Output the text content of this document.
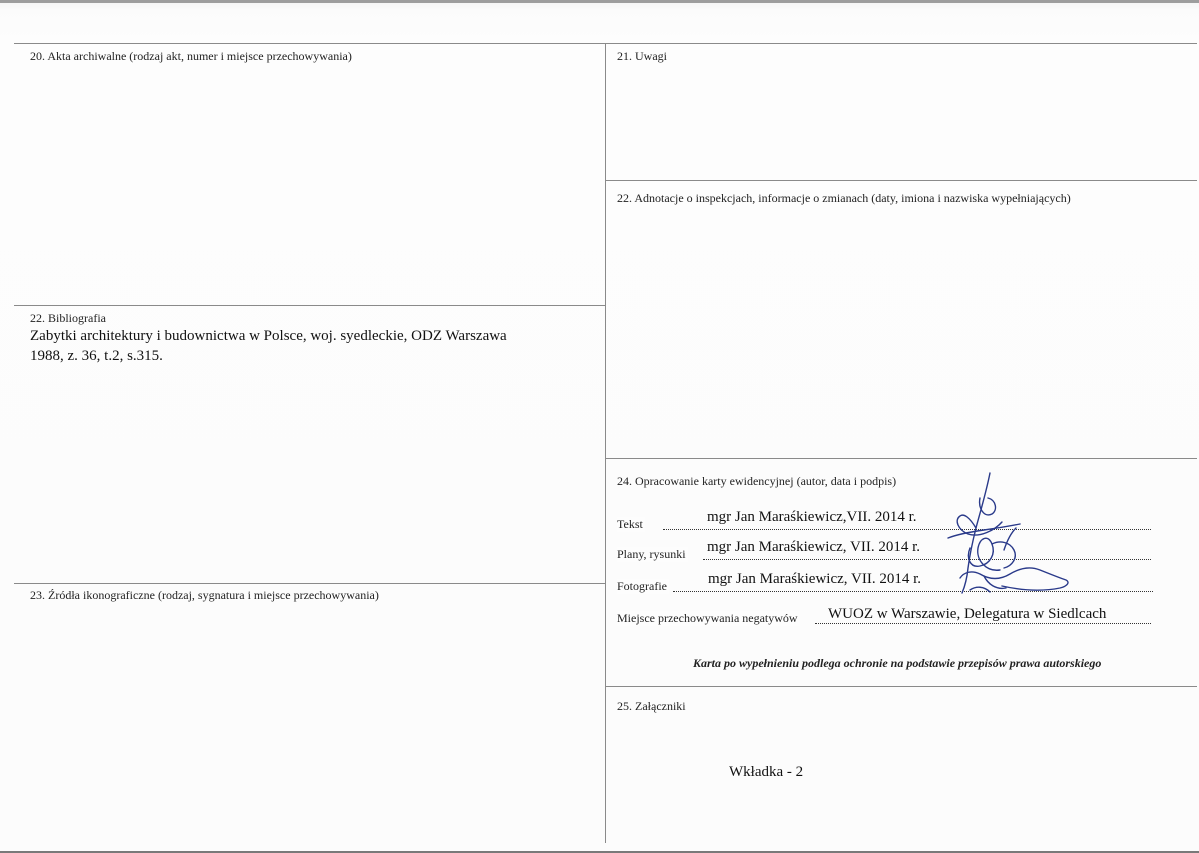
20. Akta archiwalne (rodzaj akt, numer i miejsce przechowywania)	21. Uwagi
22. Adnotacje o inspekcjach, informacje o zmianach (daty, imiona i nazwiska wypełniających)
22. Bibliografia
Zabytki architektury i budownictwa w Polsce, woj. syedleckie, ODZ Warszawa
1988, z. 36, t.2, s.315.
23. Źródła ikonograficzne (rodzaj, sygnatura i miejsce przechowywania)
24. Opracowanie karty ewidencyjnej (autor, data i podpis)
Tekst	mgr Jan Maraśkiewicz,VII. 2014 r.
Plany, rysunki mgr Jan Maraśkiewicz, VII. 2014 r.
Fotografie	mgr Jan Maraśkiewicz, VII. 2014 r.
Miejsce przechowywania negatywów WUOZ w Warszawie, Delegatura w Siedlcach
Karta po wypełnieniu podlega ochronie na podstawie przepisów prawa autorskiego
25. Załączniki
Wkładka - 2
